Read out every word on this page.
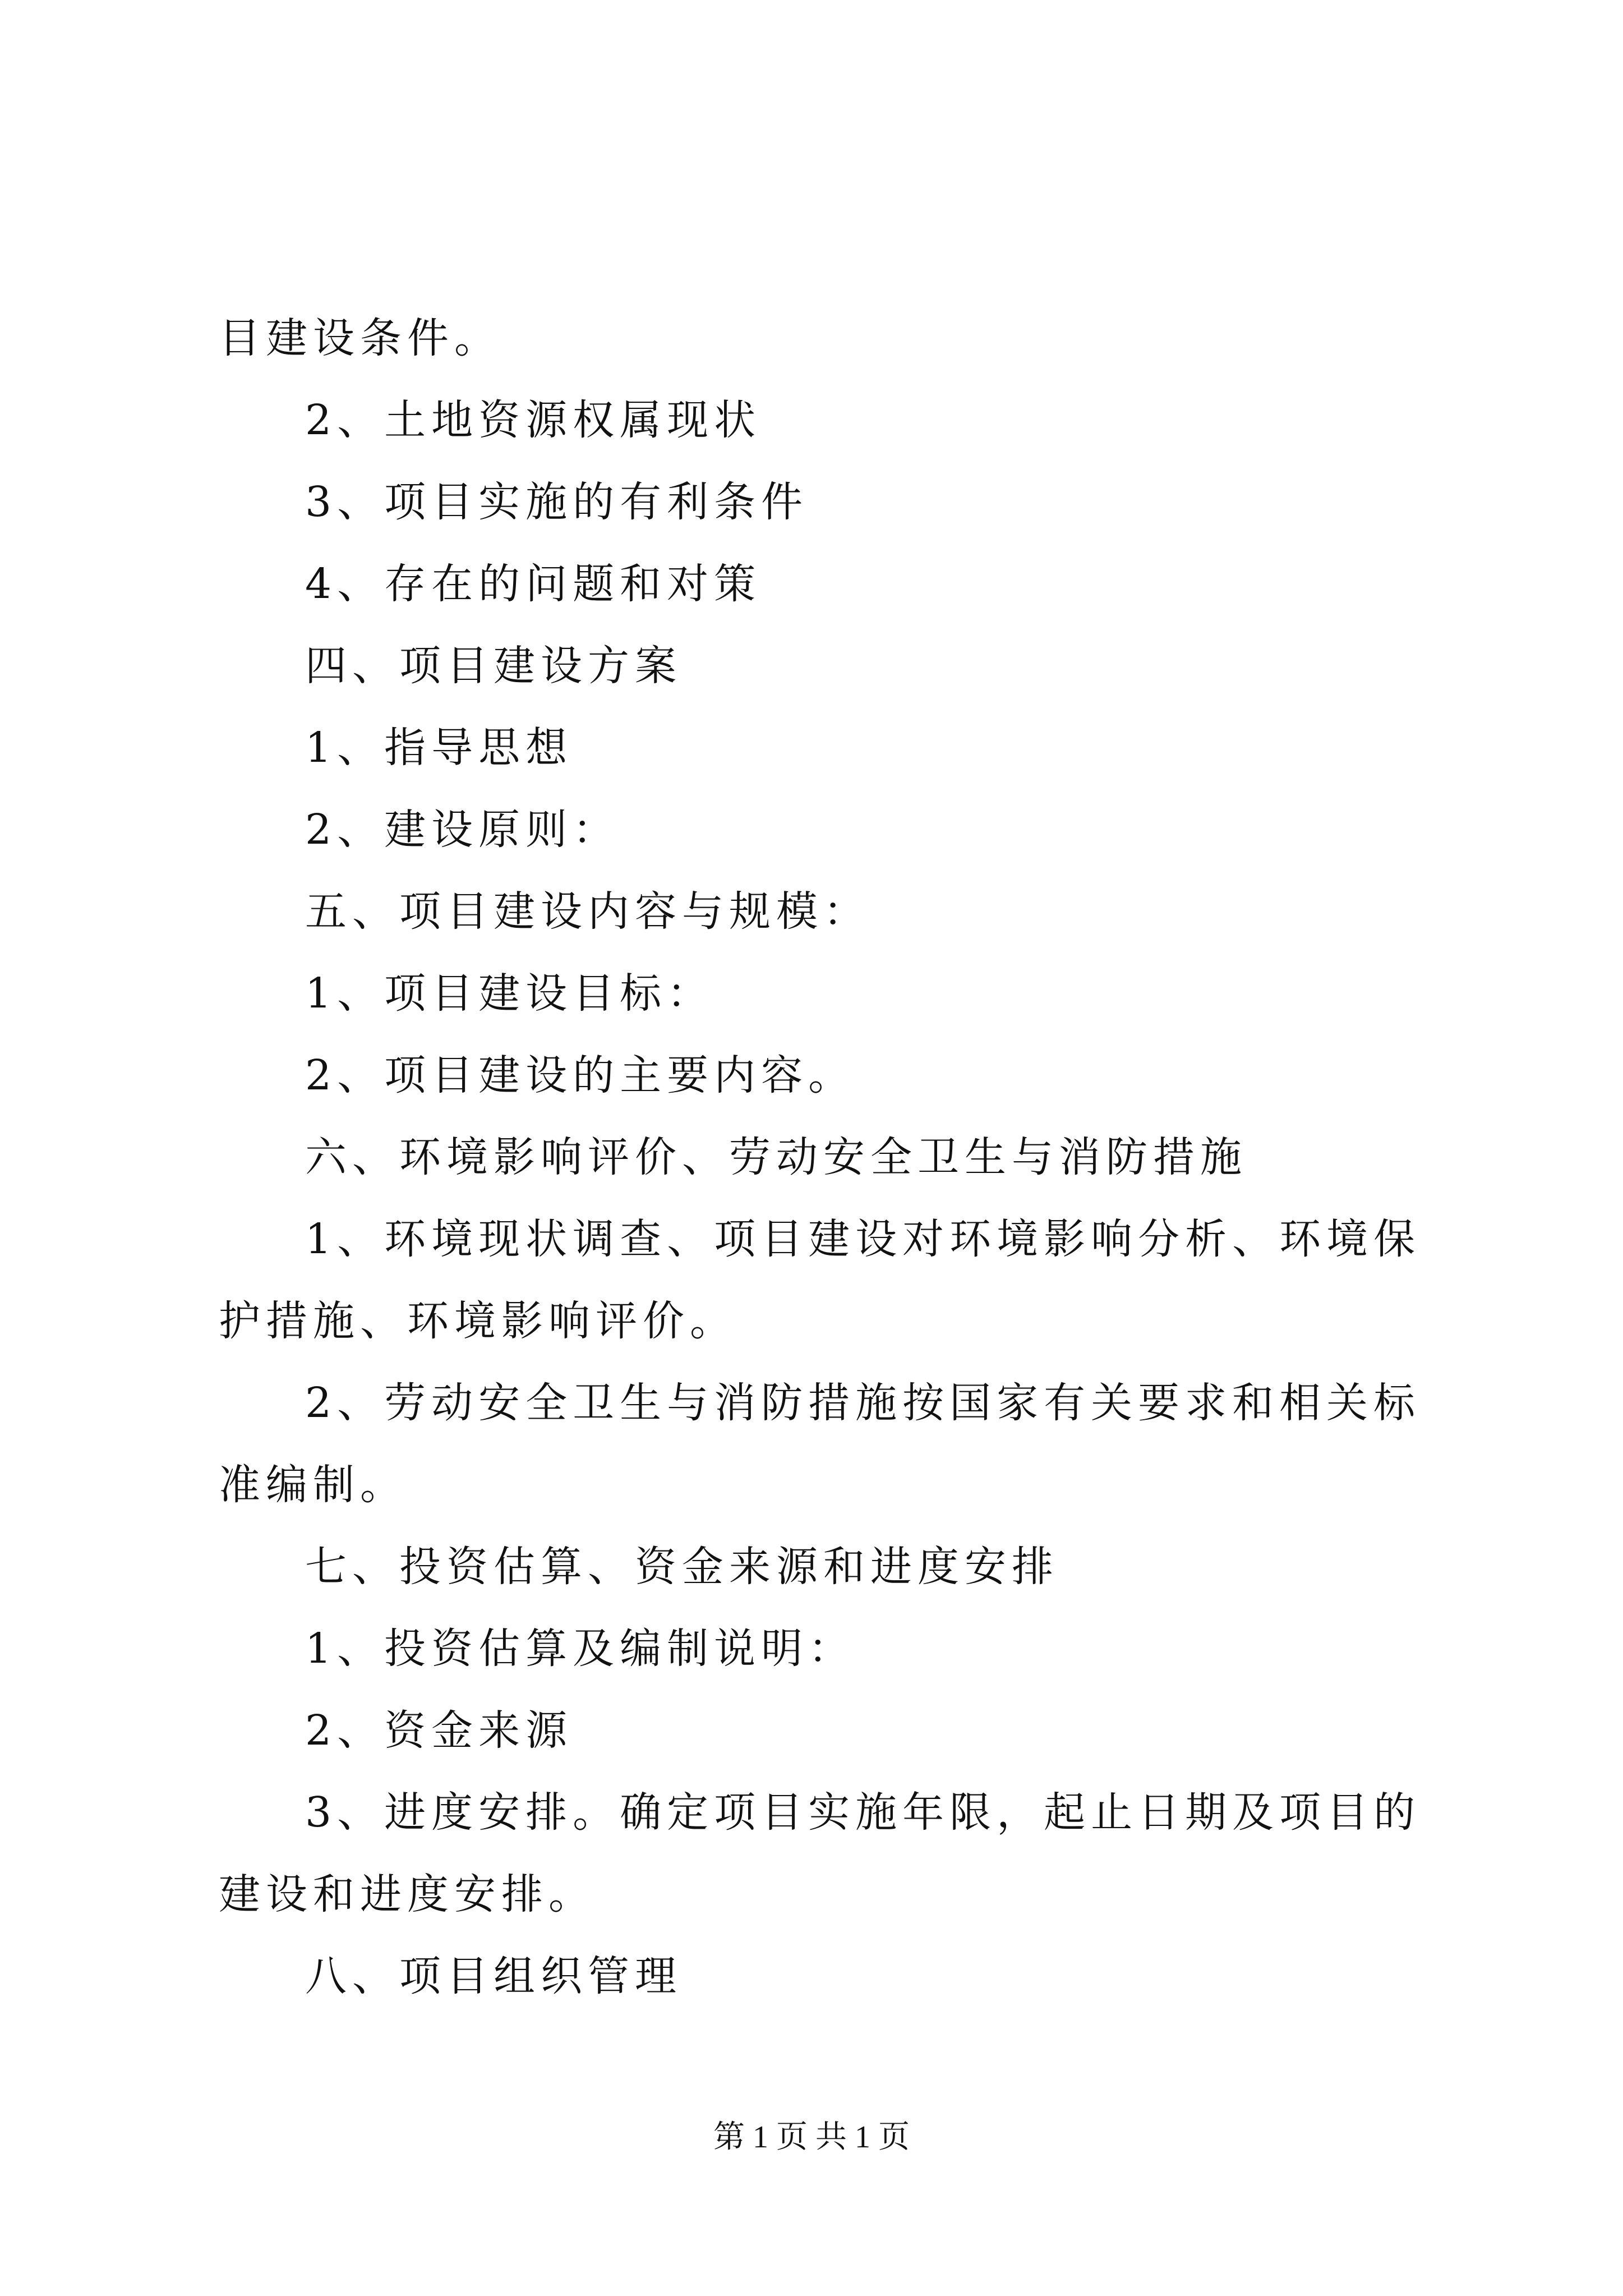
目建设条件。

2、土地资源权属现状

3、项目实施的有利条件

4、存在的问题和对策

四、项目建设方案

1、指导思想

2、建设原则：

五、项目建设内容与规模：

1、项目建设目标：

2、项目建设的主要内容。

六、环境影响评价、劳动安全卫生与消防措施

1、环境现状调查、项目建设对环境影响分析、环境保护措施、环境影响评价。

2、劳动安全卫生与消防措施按国家有关要求和相关标准编制。

七、投资估算、资金来源和进度安排

1、投资估算及编制说明：

2、资金来源

3、进度安排。确定项目实施年限，起止日期及项目的建设和进度安排。

八、项目组织管理

第 1 页 共 1 页
